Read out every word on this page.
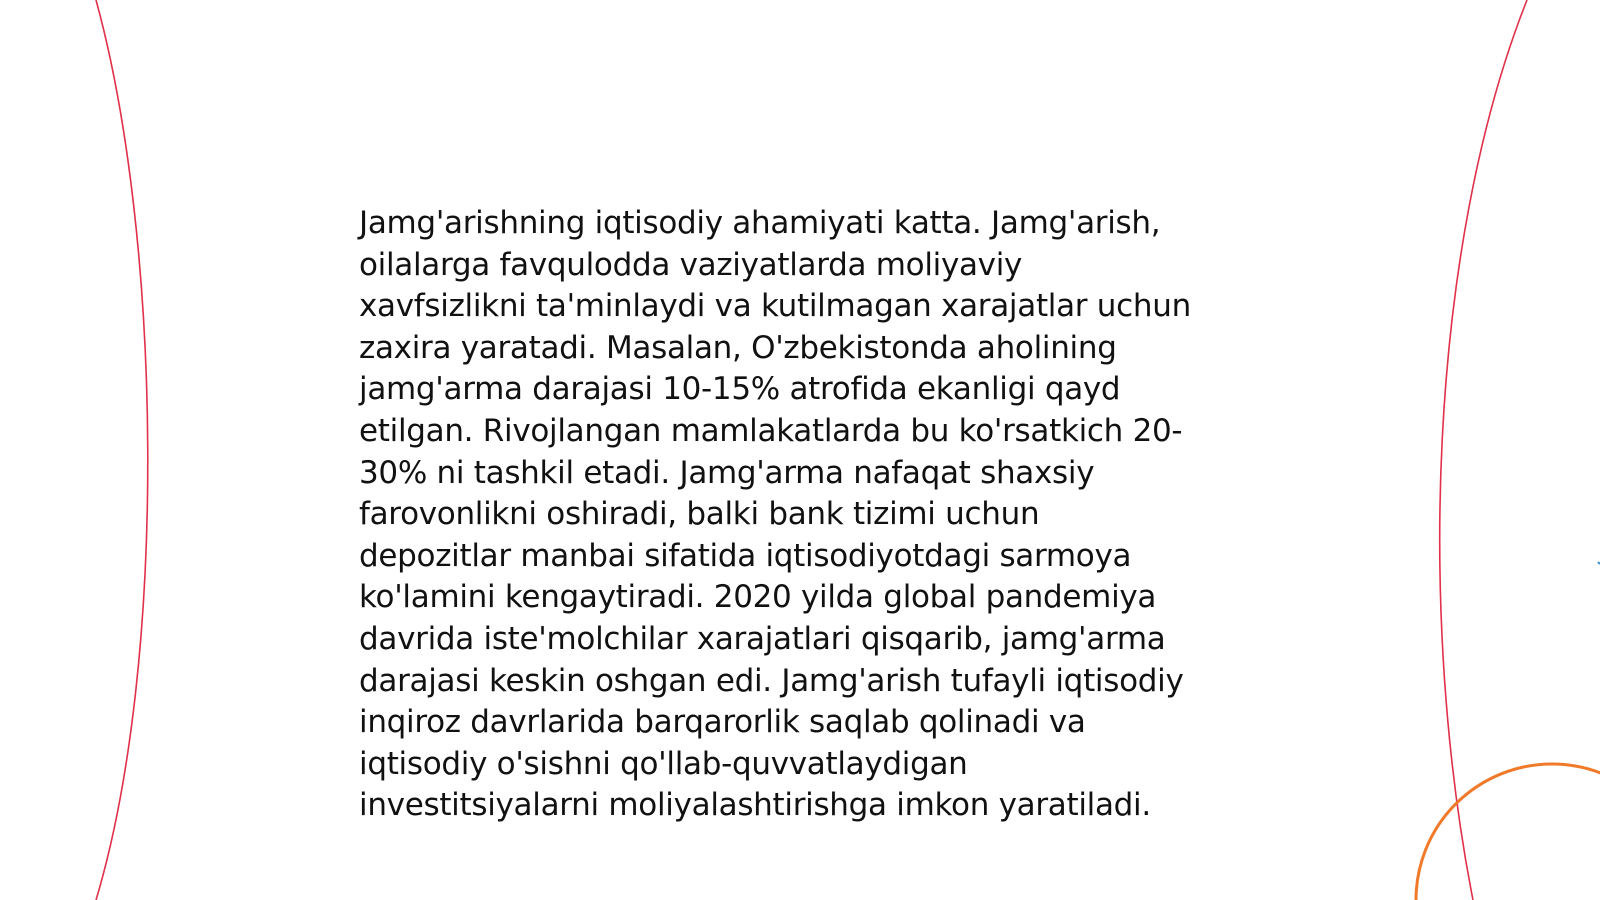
Jamg'arishning iqtisodiy ahamiyati katta. Jamg'arish,
oilalarga favqulodda vaziyatlarda moliyaviy
xavfsizlikni ta'minlaydi va kutilmagan xarajatlar uchun
zaxira yaratadi. Masalan, O'zbekistonda aholining
jamg'arma darajasi 10-15% atrofida ekanligi qayd
etilgan. Rivojlangan mamlakatlarda bu ko'rsatkich 20-
30% ni tashkil etadi. Jamg'arma nafaqat shaxsiy
farovonlikni oshiradi, balki bank tizimi uchun
depozitlar manbai sifatida iqtisodiyotdagi sarmoya
ko'lamini kengaytiradi. 2020 yilda global pandemiya
davrida iste'molchilar xarajatlari qisqarib, jamg'arma
darajasi keskin oshgan edi. Jamg'arish tufayli iqtisodiy
inqiroz davrlarida barqarorlik saqlab qolinadi va
iqtisodiy o'sishni qo'llab-quvvatlaydigan
investitsiyalarni moliyalashtirishga imkon yaratiladi.
